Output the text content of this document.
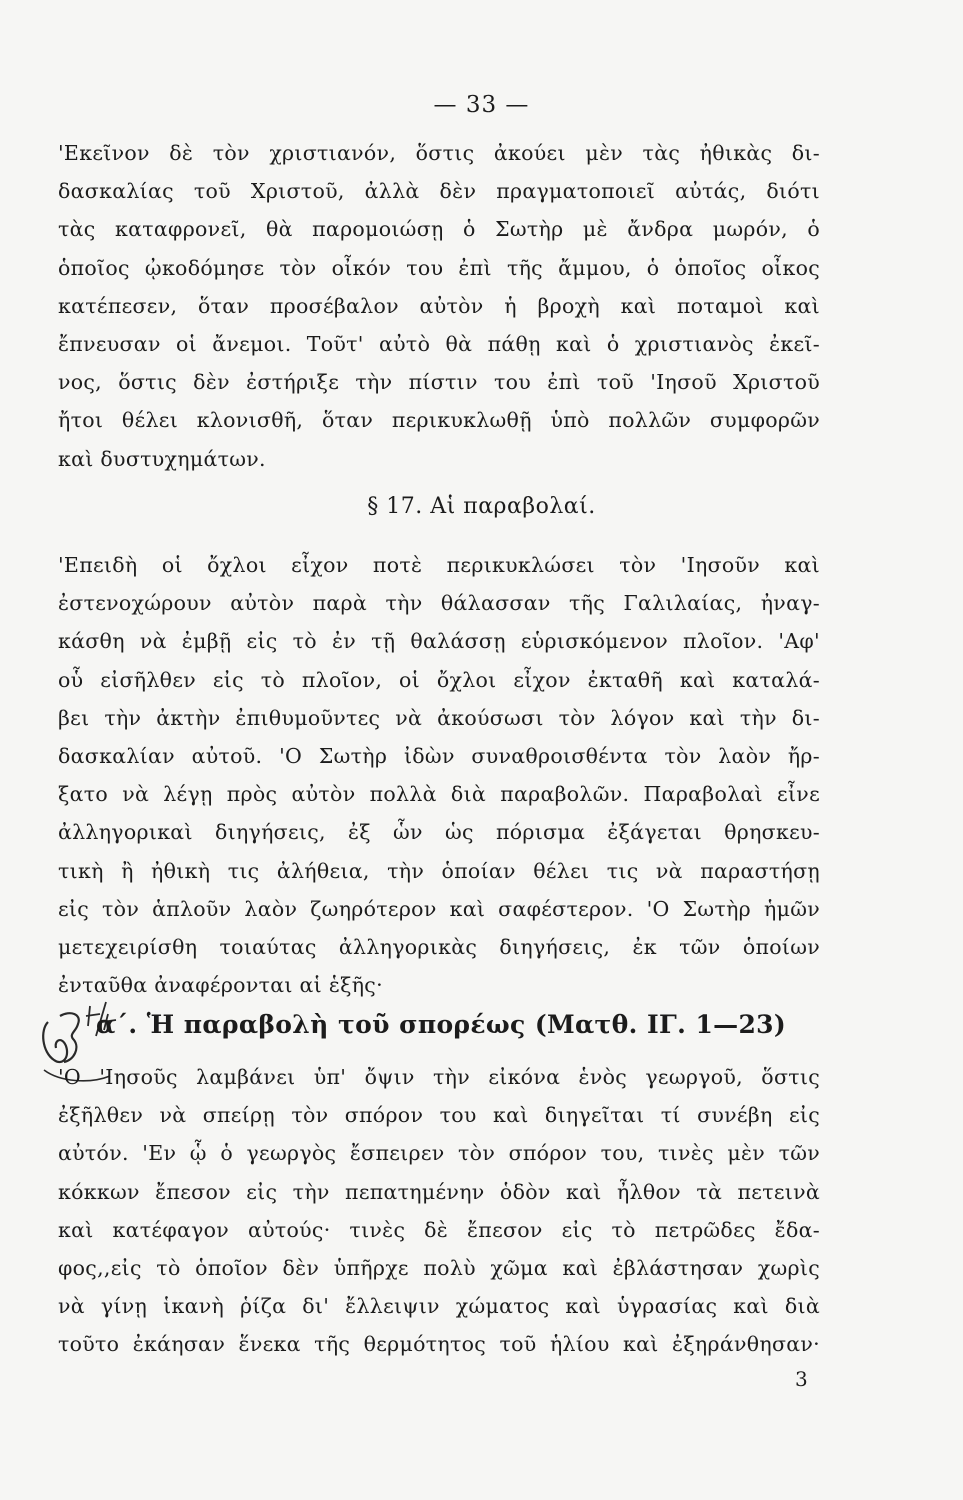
— 33 —
'Εκεῖνον δὲ τὸν χριστιανόν, ὅστις ἀκούει μὲν τὰς ἠθικὰς δι-
δασκαλίας τοῦ Χριστοῦ, ἀλλὰ δὲν πραγματοποιεῖ αὐτάς, διότι
τὰς καταφρονεῖ, θὰ παρομοιώσῃ ὁ Σωτὴρ μὲ ἄνδρα μωρόν, ὁ
ὁποῖος ᾠκοδόμησε τὸν οἶκόν του ἐπὶ τῆς ἄμμου, ὁ ὁποῖος οἶκος
κατέπεσεν, ὅταν προσέβαλον αὐτὸν ἡ βροχὴ καὶ ποταμοὶ καὶ
ἔπνευσαν οἱ ἄνεμοι. Τοῦτ' αὐτὸ θὰ πάθῃ καὶ ὁ χριστιανὸς ἐκεῖ-
νος, ὅστις δὲν ἐστήριξε τὴν πίστιν του ἐπὶ τοῦ 'Ιησοῦ Χριστοῦ
ἤτοι θέλει κλονισθῆ, ὅταν περικυκλωθῇ ὑπὸ πολλῶν συμφορῶν
καὶ δυστυχημάτων.
§ 17. Αἱ παραβολαί.
'Επειδὴ οἱ ὄχλοι εἶχον ποτὲ περικυκλώσει τὸν 'Ιησοῦν καὶ
ἐστενοχώρουν αὐτὸν παρὰ τὴν θάλασσαν τῆς Γαλιλαίας, ἠναγ-
κάσθη νὰ ἐμβῇ εἰς τὸ ἐν τῇ θαλάσσῃ εὑρισκόμενον πλοῖον. 'Αφ'
οὗ εἰσῆλθεν εἰς τὸ πλοῖον, οἱ ὄχλοι εἶχον ἐκταθῆ καὶ καταλά-
βει τὴν ἀκτὴν ἐπιθυμοῦντες νὰ ἀκούσωσι τὸν λόγον καὶ τὴν δι-
δασκαλίαν αὐτοῦ. 'Ο Σωτὴρ ἰδὼν συναθροισθέντα τὸν λαὸν ἤρ-
ξατο νὰ λέγῃ πρὸς αὐτὸν πολλὰ διὰ παραβολῶν. Παραβολαὶ εἶνε
ἀλληγορικαὶ διηγήσεις, ἐξ ὧν ὡς πόρισμα ἐξάγεται θρησκευ-
τικὴ ἢ ἠθικὴ τις ἀλήθεια, τὴν ὁποίαν θέλει τις νὰ παραστήσῃ
εἰς τὸν ἁπλοῦν λαὸν ζωηρότερον καὶ σαφέστερον. 'Ο Σωτὴρ ἡμῶν
μετεχειρίσθη τοιαύτας ἀλληγορικὰς διηγήσεις, ἐκ τῶν ὁποίων
ἐνταῦθα ἀναφέρονται αἱ ἑξῆς·
α΄. Ἡ παραβολὴ τοῦ σπορέως (Ματθ. ΙΓ. 1—23)
'Ο 'Ιησοῦς λαμβάνει ὑπ' ὄψιν τὴν εἰκόνα ἑνὸς γεωργοῦ, ὅστις
ἐξῆλθεν νὰ σπείρῃ τὸν σπόρον του καὶ διηγεῖται τί συνέβη εἰς
αὐτόν. 'Εν ᾧ ὁ γεωργὸς ἔσπειρεν τὸν σπόρον του, τινὲς μὲν τῶν
κόκκων ἔπεσον εἰς τὴν πεπατημένην ὁδὸν καὶ ἦλθον τὰ πετεινὰ
καὶ κατέφαγον αὐτούς· τινὲς δὲ ἔπεσον εἰς τὸ πετρῶδες ἔδα-
φος,,εἰς τὸ ὁποῖον δὲν ὑπῆρχε πολὺ χῶμα καὶ ἐβλάστησαν χωρὶς
νὰ γίνῃ ἱκανὴ ῥίζα δι' ἔλλειψιν χώματος καὶ ὑγρασίας καὶ διὰ
τοῦτο ἐκάησαν ἕνεκα τῆς θερμότητος τοῦ ἡλίου καὶ ἐξηράνθησαν·
3
